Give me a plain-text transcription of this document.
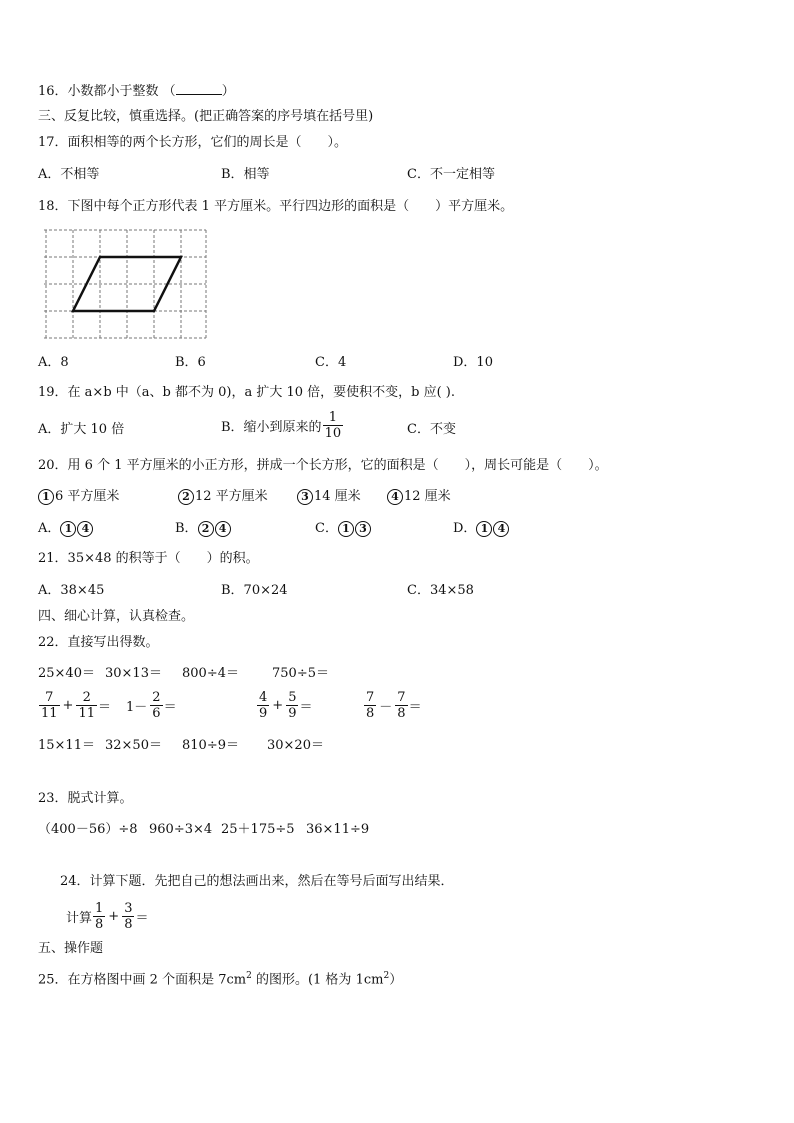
16．小数都小于整数 （	）
三、反复比较，慎重选择。(把正确答案的序号填在括号里)
17．面积相等的两个长方形，它们的周长是（　　）。
A．不相等	B．相等	C．不一定相等
18．下图中每个正方形代表 1 平方厘米。平行四边形的面积是（　　）平方厘米。
A．8	B．6	C．4	D．10
19．在 a×b 中（a、b 都不为 0)，a 扩大 10 倍，要使积不变，b 应( ).
A．扩大 10 倍	B．缩小到原来的 $\frac{1}{10}$	C．不变
20．用 6 个 1 平方厘米的小正方形，拼成一个长方形，它的面积是（　　），周长可能是（　　）。
1 6 平方厘米	2 12 平方厘米	3 14 厘米	4 12 厘米
A． 1 4	B． 2 4	C． 1 3	D． 1 4
21．35×48 的积等于（　　）的积。
A．38×45	B．70×24	C．34×58
四、细心计算，认真检查。
22．直接写出得数。
25×40＝ 30×13＝ 800÷4＝	750÷5＝
$\frac{7}{11} + \frac{2}{11} = 1- \frac{2}{6}$ ＝	$\frac{4}{9} + \frac{5}{9}$ ＝	$\frac{7}{8} - \frac{7}{8}$ ＝
15×11＝ 32×50＝ 810÷9＝ 30×20＝
23．脱式计算。
（400－56）÷8 960÷3×4 25＋175÷5 36×11÷9
24．计算下题．先把自己的想法画出来，然后在等号后面写出结果．
计算 $\frac{1}{8} + \frac{3}{8}$ ＝
五、操作题
25．在方格图中画 2 个面积是 $7cm^2$ 的图形。(1 格为 $1cm^2$）
